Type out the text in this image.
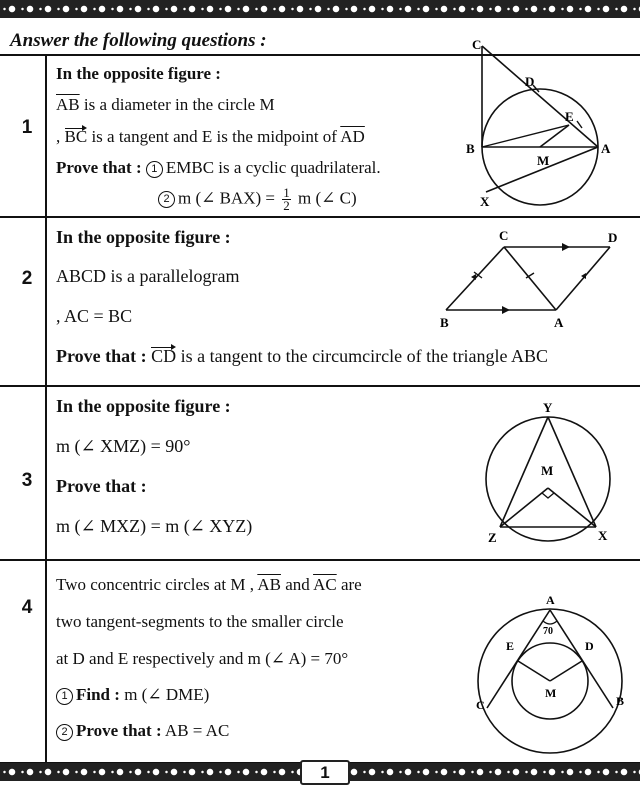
Answer the following questions :
1
In the opposite figure :
$\overline{AB}$ is a diameter in the circle M
, BC is a tangent and E is the midpoint of $\overline{AD}$
Prove that : 1 EMBC is a cyclic quadrilateral.
2 m (∠ $BAX) = \frac{1}{2}$ m (∠ C)
C
D
E
B
M
A
X
2
In the opposite figure :
ABCD is a parallelogram
, AC = BC
Prove that : CD is a tangent to the circumcircle of the triangle ABC
C	D
B	A
3
In the opposite figure :
m (∠ XMZ) = 90°
Prove that :
m (∠ MXZ) = m (∠ XYZ)
Y
M
Z	X
4
Two concentric circles at M , $\overline{AB}$ and $\overline{AC}$ are
two tangent-segments to the smaller circle
at D and E respectively and m (∠ A) = 70°
1 Find : m (∠ DME)
2 Prove that : AB = AC
A
70
E	D
M
C	B
1
